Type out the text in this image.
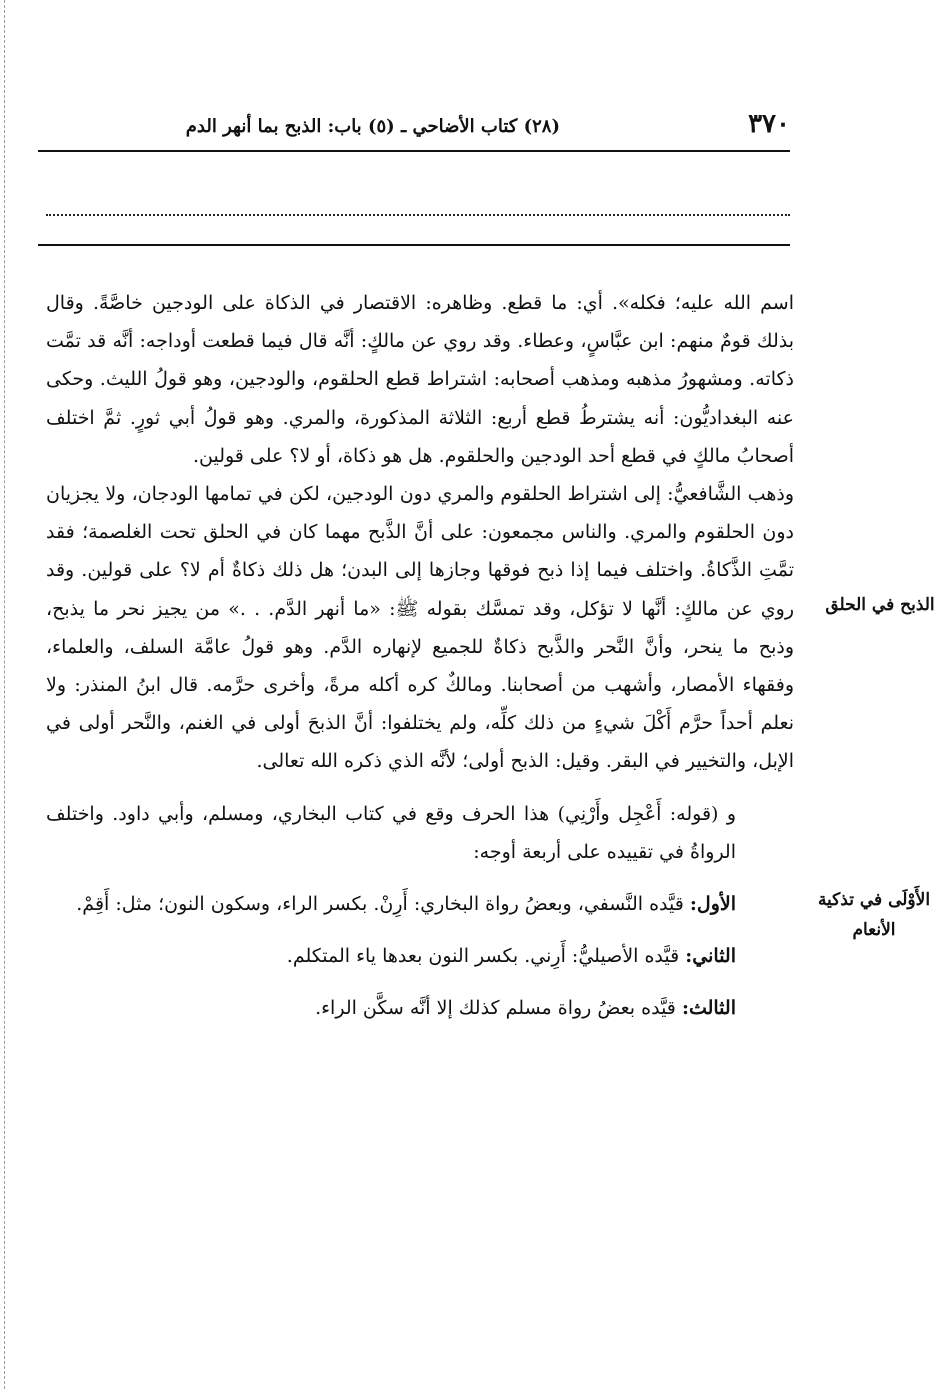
٣٧٠
(٢٨) كتاب الأضاحي ـ (٥) باب: الذبح بما أنهر الدم
الذبح في الحلق
الأَوْلَى في تذكية الأنعام

اسم الله عليه؛ فكله». أي: ما قطع. وظاهره: الاقتصار في الذكاة على الودجين خاصَّةً. وقال بذلك قومٌ منهم: ابن عبَّاسٍ، وعطاء. وقد روي عن مالكٍ: أنَّه قال فيما قطعت أوداجه: أنَّه قد تمَّت ذكاته. ومشهورُ مذهبه ومذهب أصحابه: اشتراط قطع الحلقوم، والودجين، وهو قولُ الليث. وحكى عنه البغداديُّون: أنه يشترطُ قطع أربع: الثلاثة المذكورة، والمري. وهو قولُ أبي ثورٍ. ثمَّ اختلف أصحابُ مالكٍ في قطع أحد الودجين والحلقوم. هل هو ذكاة، أو لا؟ على قولين.

وذهب الشَّافعيُّ: إلى اشتراط الحلقوم والمري دون الودجين، لكن في تمامها الودجان، ولا يجزيان دون الحلقوم والمري. والناس مجمعون: على أنَّ الذَّبح مهما كان في الحلق تحت الغلصمة؛ فقد تمَّتِ الذَّكاةُ. واختلف فيما إذا ذبح فوقها وجازها إلى البدن؛ هل ذلك ذكاةٌ أم لا؟ على قولين. وقد روي عن مالكٍ: أنَّها لا تؤكل، وقد تمسَّك بقوله ﷺ: «ما أنهر الدَّم. . .» من يجيز نحر ما يذبح، وذبح ما ينحر، وأنَّ النَّحر والذَّبح ذكاةٌ للجميع لإنهاره الدَّم. وهو قولُ عامَّة السلف، والعلماء، وفقهاء الأمصار، وأشهب من أصحابنا. ومالكٌ كره أكله مرةً، وأخرى حرَّمه. قال ابنُ المنذر: ولا نعلم أحداً حرَّم أَكْلَ شيءٍ من ذلك كلِّه، ولم يختلفوا: أنَّ الذبحَ أولى في الغنم، والنَّحر أولى في الإبل، والتخيير في البقر. وقيل: الذبح أولى؛ لأنَّه الذي ذكره الله تعالى.

و (قوله: أَعْجِل وأَرْنِي) هذا الحرف وقع في كتاب البخاري، ومسلم، وأبي داود. واختلف الرواةُ في تقييده على أربعة أوجه:

الأول: قيَّده النَّسفي، وبعضُ رواة البخاري: أَرِنْ. بكسر الراء، وسكون النون؛ مثل: أَقِمْ.

الثاني: قيَّده الأصيليُّ: أَرِني. بكسر النون بعدها ياء المتكلم.

الثالث: قيَّده بعضُ رواة مسلم كذلك إلا أنَّه سكَّن الراء.
